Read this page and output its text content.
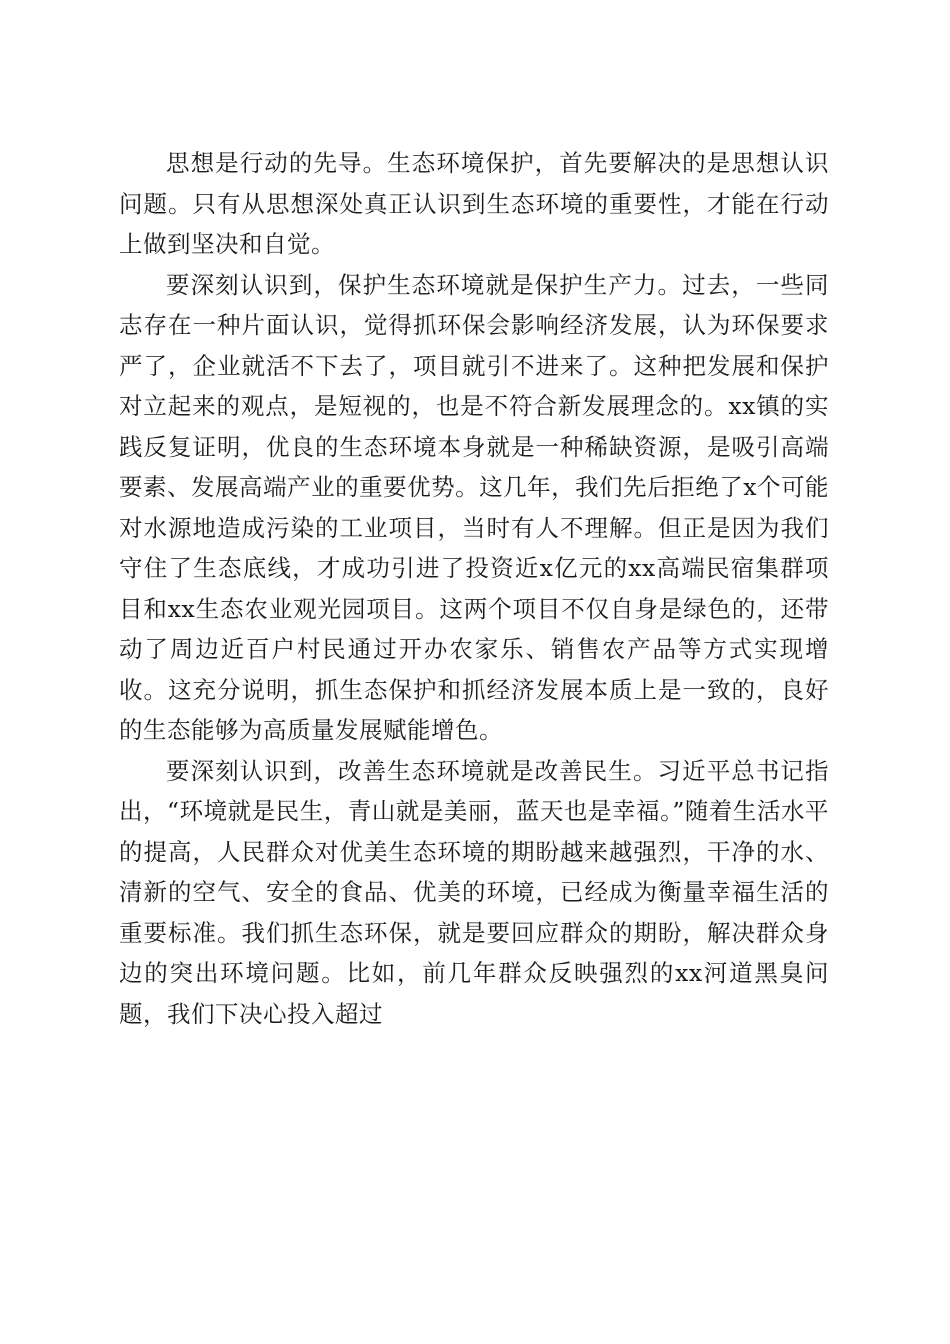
思想是行动的先导。生态环境保护，首先要解决的是思想认识问题。只有从思想深处真正认识到生态环境的重要性，才能在行动上做到坚决和自觉。

要深刻认识到，保护生态环境就是保护生产力。过去，一些同志存在一种片面认识，觉得抓环保会影响经济发展，认为环保要求严了，企业就活不下去了，项目就引不进来了。这种把发展和保护对立起来的观点，是短视的，也是不符合新发展理念的。xx镇的实践反复证明，优良的生态环境本身就是一种稀缺资源，是吸引高端要素、发展高端产业的重要优势。这几年，我们先后拒绝了x个可能对水源地造成污染的工业项目，当时有人不理解。但正是因为我们守住了生态底线，才成功引进了投资近x亿元的xx高端民宿集群项目和xx生态农业观光园项目。这两个项目不仅自身是绿色的，还带动了周边近百户村民通过开办农家乐、销售农产品等方式实现增收。这充分说明，抓生态保护和抓经济发展本质上是一致的，良好的生态能够为高质量发展赋能增色。

要深刻认识到，改善生态环境就是改善民生。习近平总书记指出，“环境就是民生，青山就是美丽，蓝天也是幸福。”随着生活水平的提高，人民群众对优美生态环境的期盼越来越强烈，干净的水、清新的空气、安全的食品、优美的环境，已经成为衡量幸福生活的重要标准。我们抓生态环保，就是要回应群众的期盼，解决群众身边的突出环境问题。比如，前几年群众反映强烈的xx河道黑臭问题，我们下决心投入超过
